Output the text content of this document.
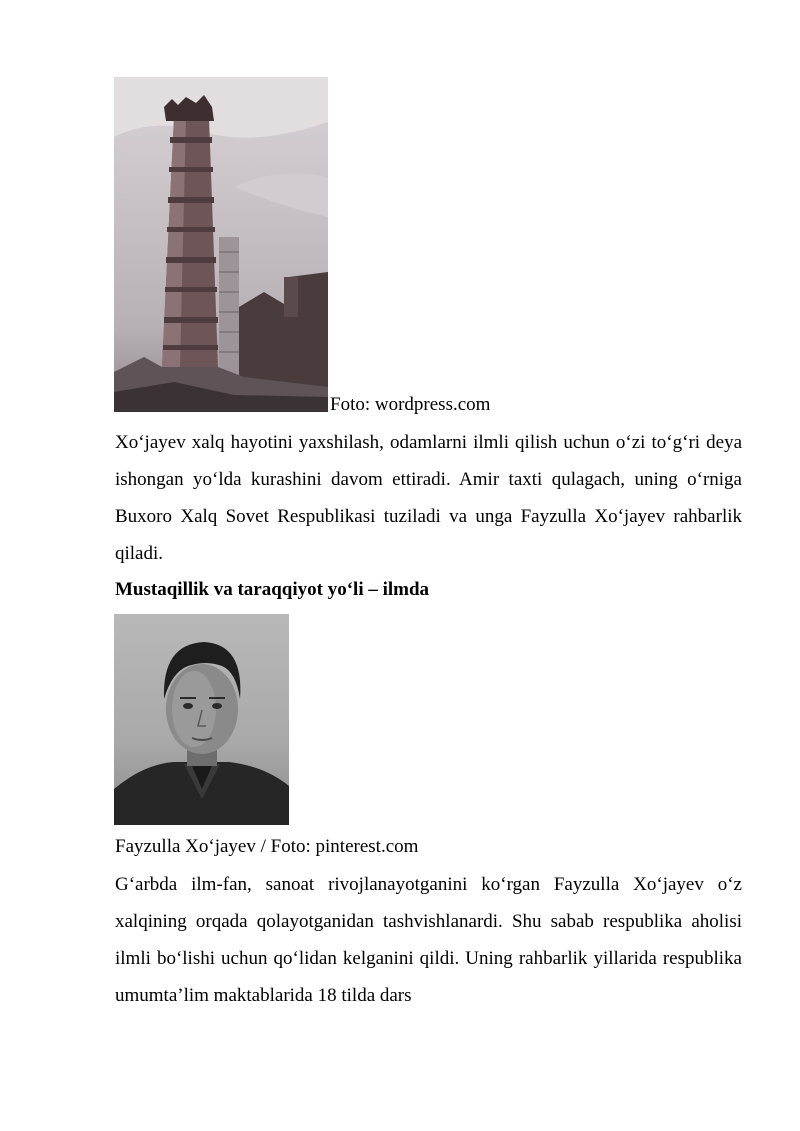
Foto: wordpress.com

Xo‘jayev xalq hayotini yaxshilash, odamlarni ilmli qilish uchun o‘zi to‘g‘ri deya ishongan yo‘lda kurashini davom ettiradi. Amir taxti qulagach, uning o‘rniga Buxoro Xalq Sovet Respublikasi tuziladi va unga Fayzulla Xo‘jayev rahbarlik qiladi.

Mustaqillik va taraqqiyot yo‘li – ilmda
Fayzulla Xo‘jayev / Foto: pinterest.com

G‘arbda ilm-fan, sanoat rivojlanayotganini ko‘rgan Fayzulla Xo‘jayev o‘z xalqining orqada qolayotganidan tashvishlanardi. Shu sabab respublika aholisi ilmli bo‘lishi uchun qo‘lidan kelganini qildi. Uning rahbarlik yillarida respublika umumta’lim maktablarida 18 tilda dars
